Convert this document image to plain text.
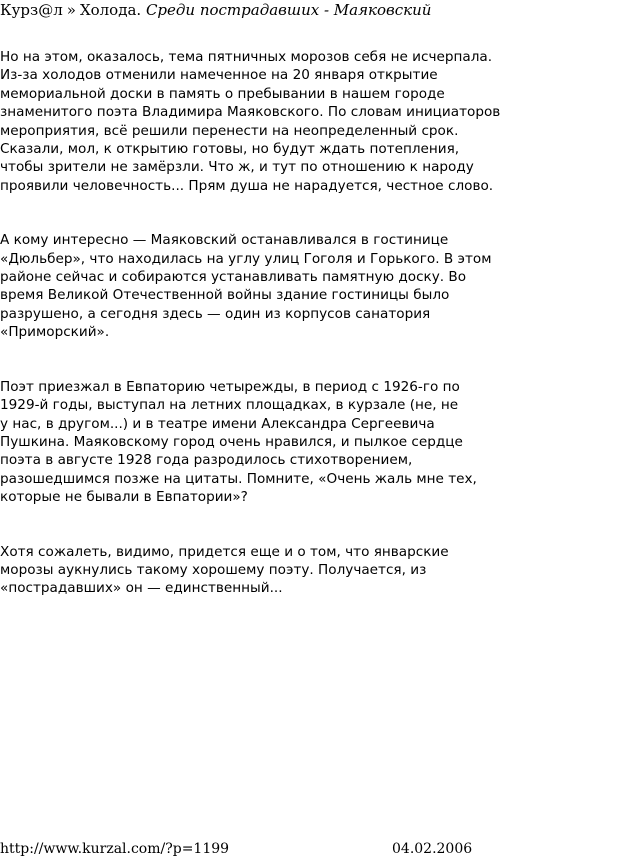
Курз@л » Холода. Среди пострадавших - Маяковский

Но на этом, оказалось, тема пятничных морозов себя не исчерпала.
Из-за холодов отменили намеченное на 20 января открытие
мемориальной доски в память о пребывании в нашем городе
знаменитого поэта Владимира Маяковского. По словам инициаторов
мероприятия, всё решили перенести на неопределенный срок.
Сказали, мол, к открытию готовы, но будут ждать потепления,
чтобы зрители не замёрзли. Что ж, и тут по отношению к народу
проявили человечность... Прям душа не нарадуется, честное слово.

А кому интересно — Маяковский останавливался в гостинице
«Дюльбер», что находилась на углу улиц Гоголя и Горького. В этом
районе сейчас и собираются устанавливать памятную доску. Во
время Великой Отечественной войны здание гостиницы было
разрушено, а сегодня здесь — один из корпусов санатория
«Приморский».

Поэт приезжал в Евпаторию четырежды, в период с 1926-го по
1929-й годы, выступал на летних площадках, в курзале (не, не
у нас, в другом...) и в театре имени Александра Сергеевича
Пушкина. Маяковскому город очень нравился, и пылкое сердце
поэта в августе 1928 года разродилось стихотворением,
разошедшимся позже на цитаты. Помните, «Очень жаль мне тех,
которые не бывали в Евпатории»?

Хотя сожалеть, видимо, придется еще и о том, что январские
морозы аукнулись такому хорошему поэту. Получается, из
«пострадавших» он — единственный...

http://www.kurzal.com/?p=1199	04.02.2006
